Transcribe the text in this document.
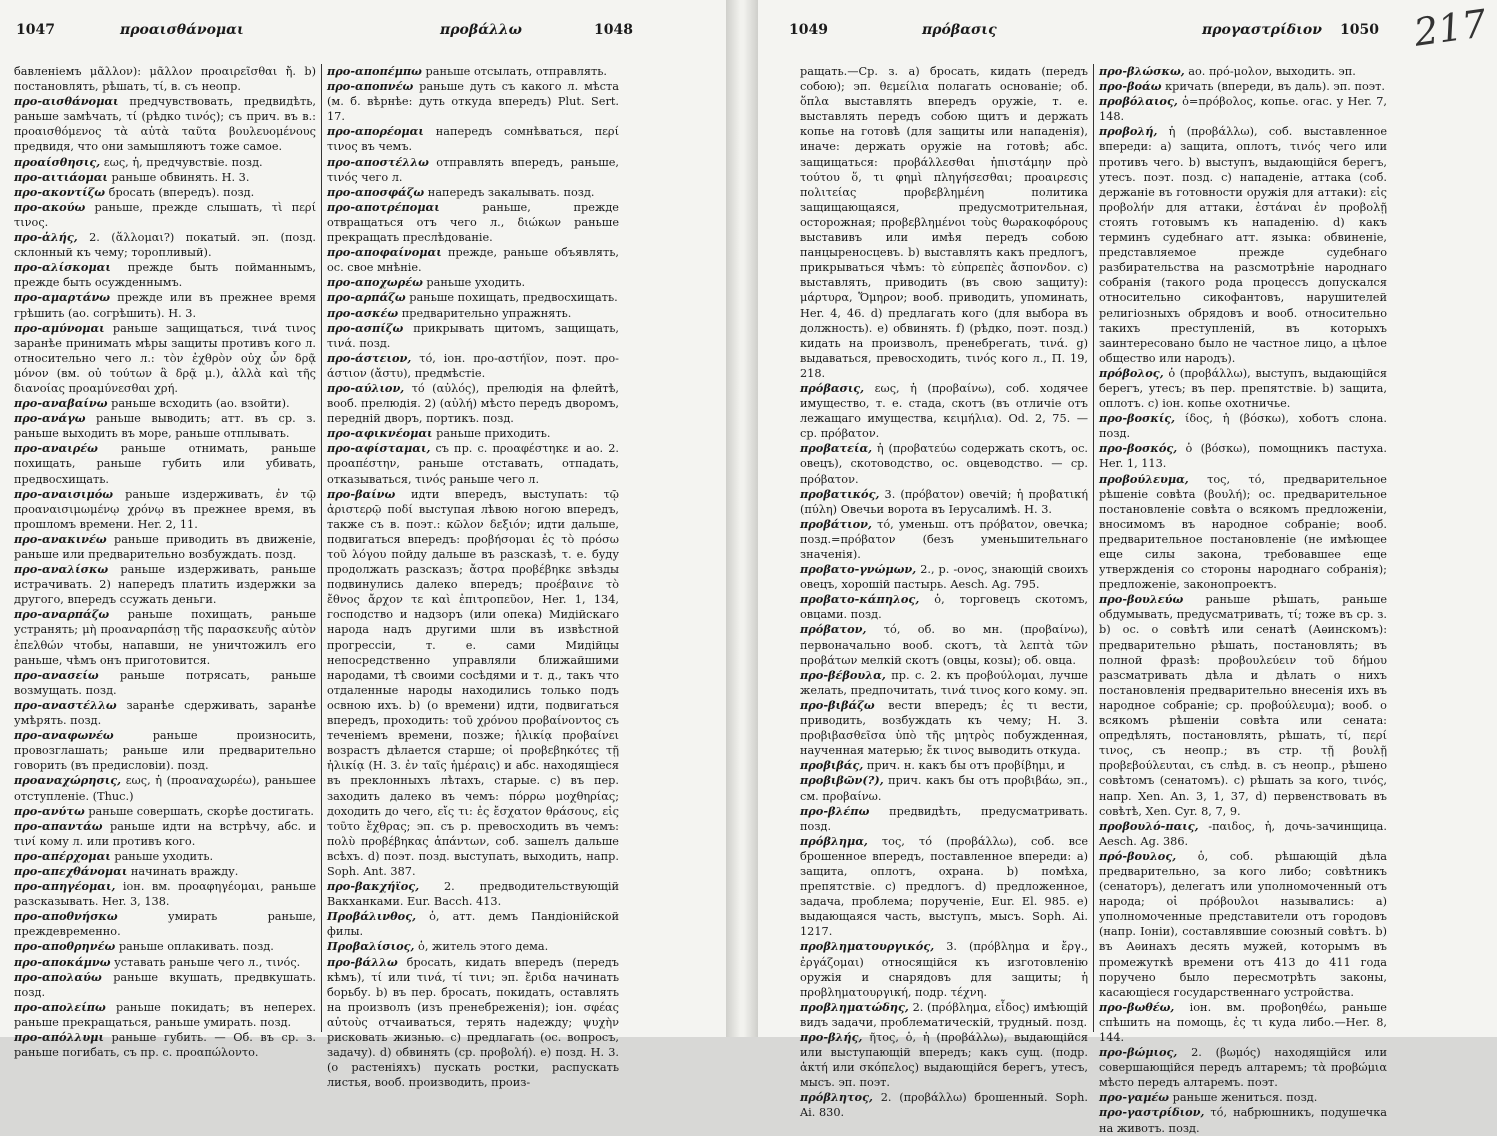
1047	προαισθάνομαι	προβάλλω	1048

бавленіемъ μᾶλλον): μᾶλλον προαιρεῖσθαι ἤ. b) постановлять, рѣшать, τί, в. съ неопр.

προ-αισθάνομαι предчувствовать, предвидѣть, раньше замѣчать, τί (рѣдко τινός); съ прич. въ в.: προαισθόμενος τὰ αὐτὰ ταῦτα βουλευομένους предвидя, что они замышляютъ тоже самое.

προαίσθησις, εως, ἡ, предчувствіе. позд.

προ-αιτιάομαι раньше обвинять. Н. 3.

προ-ακοντίζω бросать (впередъ). позд.

προ-ακούω раньше, прежде слышать, τὶ περί τινος.

προ-ἁλής, 2. (ἅλλομαι?) покатый. эп. (позд. склонный къ чему; торопливый).

προ-αλίσκομαι прежде быть пойманнымъ, прежде быть осужденнымъ.

προ-αμαρτάνω прежде или въ прежнее время грѣшить (ао. согрѣшить). Н. 3.

προ-αμύνομαι раньше защищаться, τινά τινος заранѣе принимать мѣры защиты противъ кого л. относительно чего л.: τὸν ἐχθρὸν οὐχ ὧν δρᾷ μόνον (вм. οὐ τούτων ἃ δρᾷ μ.), ἀλλὰ καὶ τῆς διανοίας προαμύνεσθαι χρή.

προ-αναβαίνω раньше всходить (ао. взойти).

προ-ανάγω раньше выводить; атт. въ ср. з. раньше выходить въ море, раньше отплывать.

προ-αναιρέω раньше отнимать, раньше похищать, раньше губить или убивать, предвосхищать.

προ-αναισιμόω раньше издерживать, ἐν τῷ προαναισιμωμένῳ χρόνῳ въ прежнее время, въ прошломъ времени. Her. 2, 11.

προ-ανακινέω раньше приводить въ движеніе, раньше или предварительно возбуждать. позд.

προ-αναλίσκω раньше издерживать, раньше истрачивать. 2) напередъ платить издержки за другого, впередъ ссужать деньги.

προ-αναρπάζω раньше похищать, раньше устранять; μὴ προαναρπάσῃ τῆς παρασκευῆς αὐτὸν ἐπελθών чтобы, напавши, не уничтожилъ его раньше, чѣмъ онъ приготовится.

προ-ανασείω раньше потрясать, раньше возмущать. позд.

προ-αναστέλλω заранѣе сдерживать, заранѣе умѣрять. позд.

προ-αναφωνέω	раньше произносить, провозглашать; раньше или предварительно говорить (въ предисловіи). позд.

προαναχώρησις, εως, ἡ (προαναχωρέω), раньшее отступленіе. (Thuc.)

προ-ανύτω раньше совершать, скорѣе достигать.

προ-απαντάω раньше идти на встрѣчу, абс. и τινί кому л. или противъ кого.

προ-απέρχομαι раньше уходить.

προ-απεχθάνομαι начинать вражду.

προ-απηγέομαι, іон. вм. προαφηγέομαι, раньше разсказывать. Her. 3, 138.

προ-αποθνήσκω	умирать раньше, преждевременно.

προ-αποθρηνέω раньше оплакивать. позд.

προ-αποκάμνω уставать раньше чего л., τινός.

προ-απολαύω раньше вкушать, предвкушать. позд.

προ-απολείπω раньше покидать; въ неперех. раньше прекращаться, раньше умирать. позд.

προ-απόλλυμι раньше губить. — Об. въ ср. з. раньше погибать, съ пр. с. προαπώλοντο.

προ-αποπέμπω раньше отсылать, отправлять.

προ-αποπνέω раньше дуть съ какого л. мѣста (м. б. вѣрнѣе: дуть откуда впередъ) Plut. Sert. 17.

προ-απορέομαι напередъ сомнѣваться, περί τινος въ чемъ.

προ-αποστέλλω отправлять впередъ, раньше, τινός чего л.

προ-αποσφάζω напередъ закалывать. позд.

προ-αποτρέπομαι	раньше, прежде отвращаться отъ чего л., διώκων раньше прекращать преслѣдованіе.

προ-αποφαίνομαι прежде, раньше объявлять, ос. свое мнѣніе.

προ-αποχωρέω раньше уходить.

προ-αρπάζω раньше похищать, предвосхищать.

προ-ασκέω предварительно упражнять.

προ-ασπίζω прикрывать щитомъ, защищать, τινά. позд.

προ-άστειον, τό, іон. προ-αστήϊον, поэт. προ-άστιον (ἄστυ), предмѣстіе.

προ-αύλιον, τό (αὐλός), прелюдія на флейтѣ, вооб. прелюдія. 2) (αὐλή) мѣсто передъ дворомъ, передній дворъ, портикъ. позд.

προ-αφικνέομαι раньше приходить.

προ-αφίσταμαι, съ пр. с. προαφέστηκε и ао. 2. προαπέστην, раньше отставать, отпадать, отказываться, τινός раньше чего л.

προ-βαίνω идти впередъ, выступать: τῷ ἀριστερῷ ποδί выступая лѣвою ногою впередъ, также съ в. поэт.: κῶλον δεξιόν; идти дальше, подвигаться впередъ: προβήσομαι ἐς τὸ πρόσω τοῦ λόγου пойду дальше въ разсказѣ, τ. е. буду продолжать разсказъ; ἄστρα προβέβηκε звѣзды подвинулись далеко впередъ; προέβαινε τὸ ἔθνος ἄρχον τε καὶ ἐπιτροπεῦον, Her. 1, 134, господство и надзоръ (или опека) Мидійскаго народа надъ другими шли въ извѣстной прогрессіи, т. е. сами Мидійцы непосредственно управляли ближайшими народами, тѣ своими сосѣдями и т. д., такъ что отдаленные народы находились только подъ освною ихъ. b) (о времени) идти, подвигаться впередъ, проходить: τοῦ χρόνου προβαίνοντος съ теченіемъ времени, позже; ἡλικίᾳ προβαίνει возрастъ дѣлается старше; οἱ προβεβηκότες τῇ ἡλικίᾳ (Н. 3. ἐν ταῖς ἡμέραις) и абс. находящіеся въ преклонныхъ лѣтахъ, старые. с) въ пер. заходить далеко въ чемъ: πόρρω μοχθηρίας; доходить до чего, εἴς τι: ἐς ἔσχατον θράσους, εἰς τοῦτο ἔχθρας; эп. съ р. превосходить въ чемъ: πολὺ προβέβηκας ἁπάντων, соб. зашелъ дальше всѣхъ. d) поэт. позд. выступать, выходить, напр. Soph. Ant. 387.

προ-βακχήϊος, 2. предводительствующій Вакханками. Eur. Bacch. 413.

Προβάλινθος, ὁ, атт. демъ Пандіонійской филы.

Προβαλίσιος, ὁ, житель этого дема.

προ-βάλλω бросать, кидать впередъ (передъ кѣмъ), τί или τινά, τί τινι; эп. ἔριδα начинать борьбу. b) въ пер. бросать, покидать, оставлять на произволъ (изъ пренебреженія); іон. σφέας αὐτοὺς отчаиваться, терять надежду; ψυχὴν рисковать жизнью. с) предлагать (ос. вопросъ, задачу). d) обвинять (ср. προβολή). е) позд. Н. 3. (о растеніяхъ) пускать ростки, распускать листья, вооб. производить, произ-

1049	πρόβασις	προγαστρίδιον 1050 217

ращать.—Ср. з. а) бросать, кидать (передъ собою); эп. θεμείλια полагать основаніе; об. ὅπλα выставлять впередъ оружіе, т. е. выставлять передъ собою щитъ и держать копье на готовѣ (для защиты или нападенія), иначе: держать оружіе на готовѣ; абс. защищаться: προβάλλεσθαι ἠπιστάμην πρὸ τούτου ὅ, τι φημὶ πληγήσεσθαι; προαιρεσις πολιτείας προβεβλημένη политика защищающаяся, предусмотрительная, осторожная; προβεβλημένοι τοὺς θωρακοφόρους выставивъ или имѣя передъ собою панцыреносцевъ. b) выставлять какъ предлогъ, прикрываться чѣмъ: τὸ εὐπρεπὲς ἄσπονδον. с) выставлять, приводить (въ свою защиту): μάρτυρα, Ὅμηρον; вооб. приводить, упоминать, Her. 4, 46. d) предлагать кого (для выбора въ должность). е) обвинять. f) (рѣдко, поэт. позд.) кидать на произволъ, пренебрегать, τινά. g) выдаваться, превосходить, τινός кого л., П. 19, 218.

πρόβασις, εως, ἡ (προβαίνω), соб. ходячее имущество, т. е. стада, скотъ (въ отличіе отъ лежащаго имущества, κειμήλια). Od. 2, 75. — ср. πρόβατον.

προβατεία, ἡ (προβατεύω содержать скотъ, ос. овецъ), скотоводство, ос. овцеводство. — ср. πρόβατον.

προβατικός, 3. (πρόβατον) овечій; ἡ προβατική (πύλη) Овечьи ворота въ Іерусалимѣ. Н. 3.

προβάτιον, τό, уменьш. отъ πρόβατον, овечка; позд.=πρόβατον (безъ уменьшительнаго значенія).

προβατο-γνώμων, 2., р. -ονος, знающій своихъ овецъ, хорошій пастырь. Aesch. Ag. 795.

προβατο-κάπηλος, ὁ, торговецъ скотомъ, овцами. позд.

πρόβατον, τό, об. во мн. (προβαίνω), первоначально вооб. скотъ, τὰ λεπτὰ τῶν προβάτων мелкій скотъ (овцы, козы); об. овца.

προ-βέβουλα, пр. с. 2. къ προβούλομαι, лучше желать, предпочитать, τινά τινος кого кому. эп.

προ-βιβάζω вести впередъ; ἐς τι вести, приводить, возбуждать къ чему; Н. 3. προβιβασθεῖσα ὑπὸ τῆς μητρὸς побужденная, наученная матерью; ἔκ τινος выводить откуда.

προβιβάς, прич. н. какъ бы отъ προβίβημι, и

προβιβῶν(?), прич. какъ бы отъ προβιβάω, эп., см. προβαίνω.

προ-βλέπω предвидѣть, предусматривать. позд.

πρόβλημα, τος, τό (προβάλλω), соб. все брошенное впередъ, поставленное впереди: а) защита, оплотъ, охрана. b) помѣха, препятствіе. с) предлогъ. d) предложенное, задача, проблема; порученіе, Eur. El. 985. е) выдающаяся часть, выступъ, мысъ. Soph. Ai. 1217.

προβληματουργικός, 3. (πρόβλημα и ἔργ., ἐργάζομαι) относящійся къ изготовленію оружія и снарядовъ для защиты; ἡ προβληματουργική, подр. τέχνη.

προβληματώδης, 2. (πρόβλημα, εἶδος) имѣющій видъ задачи, проблематическій, трудный. позд.

προ-βλής, ῆτος, ὁ, ἡ (προβάλλω), выдающійся или выступающій впередъ; какъ сущ. (подр. ἀκτή или σκόπελος) выдающійся берегъ, утесъ, мысъ. эп. поэт.

πρόβλητος, 2. (προβάλλω) брошенный. Soph. Ai. 830.

προ-βλώσκω, ао. πρό-μολον, выходить. эп.

προ-βοάω кричать (впереди, въ даль). эп. поэт.

προβόλαιος, ὁ=πρόβολος, копье. огас. у Her. 7, 148.

προβολή, ἡ (προβάλλω), соб. выставленное впереди: а) защита, оплотъ, τινός чего или противъ чего. b) выступъ, выдающійся берегъ, утесъ. поэт. позд. с) нападеніе, аттака (соб. держаніе въ готовности оружія для аттаки): εἰς προβολήν для аттаки, ἑστάναι ἐν προβολῇ стоять готовымъ къ нападенію. d) какъ терминъ судебнаго атт. языка: обвиненіе, представляемое прежде судебнаго разбирательства на разсмотрѣніе народнаго собранія (такого рода процессъ допускался относительно сикофантовъ, нарушителей религіозныхъ обрядовъ и вооб. относительно такихъ преступленій, въ которыхъ заинтересовано было не частное лицо, а цѣлое общество или народъ).

πρόβολος, ὁ (προβάλλω), выступъ, выдающійся берегъ, утесъ; въ пер. препятствіе. b) защита, оплотъ. с) іон. копье охотничье.

προ-βοσκίς, ίδος, ἡ (βόσκω), хоботъ слона. позд.

προ-βοσκός, ὁ (βόσκω), помощникъ пастуха. Her. 1, 113.

προβούλευμα, τος, τό, предварительное рѣшеніе совѣта (βουλή); ос. предварительное постановленіе совѣта о всякомъ предложеніи, вносимомъ въ народное собраніе; вооб. предварительное постановленіе (не имѣющее еще силы закона, требовавшее еще утвержденія со стороны народнаго собранія); предложеніе, законопроектъ.

προ-βουλεύω раньше рѣшать, раньше обдумывать, предусматривать, τί; тоже въ ср. з. b) ос. о совѣтѣ или сенатѣ (Аѳинскомъ): предварительно рѣшать, постановлять; въ полной фразѣ: προβουλεύειν τοῦ δήμου разсматривать дѣла и дѣлать о нихъ постановленія предварительно внесенія ихъ въ народное собраніе; ср. προβούλευμα); вооб. о всякомъ рѣшеніи совѣта или сената: опредѣлять, постановлять, рѣшать, τί, περί τινος, съ неопр.; въ стр. τῇ βουλῇ προβεβούλευται, съ слѣд. в. съ неопр., рѣшено совѣтомъ (сенатомъ). с) рѣшать за кого, τινός, напр. Xen. An. 3, 1, 37, d) первенствовать въ совѣтѣ, Xen. Cyr. 8, 7, 9.

προβουλό-παις, -παιδος, ἡ, дочь-зачинщица. Aesch. Ag. 386.

πρό-βουλος, ὁ, соб. рѣшающій дѣла предварительно, за кого либо; совѣтникъ (сенаторъ), делегатъ или уполномоченный отъ народа; οἱ πρόβουλοι назывались: а) уполномоченные представители отъ городовъ (напр. Іоніи), составлявшие союзный совѣтъ. b) въ Аѳинахъ десять мужей, которымъ въ промежуткѣ времени отъ 413 до 411 года поручено было пересмотрѣть законы, касающіеся государственнаго устройства.

προ-βωθέω, іон. вм. προβοηθέω, раньше спѣшить на помощь, ἐς τι куда либо.—Her. 8, 144.

προ-βώμιος, 2. (βωμός) находящійся или совершающійся передъ алтаремъ; τὰ προβώμια мѣсто передъ алтаремъ. поэт.

προ-γαμέω раньше жениться. позд.

προ-γαστρίδιον, τό, набрюшникъ, подушечка на животъ. позд.
